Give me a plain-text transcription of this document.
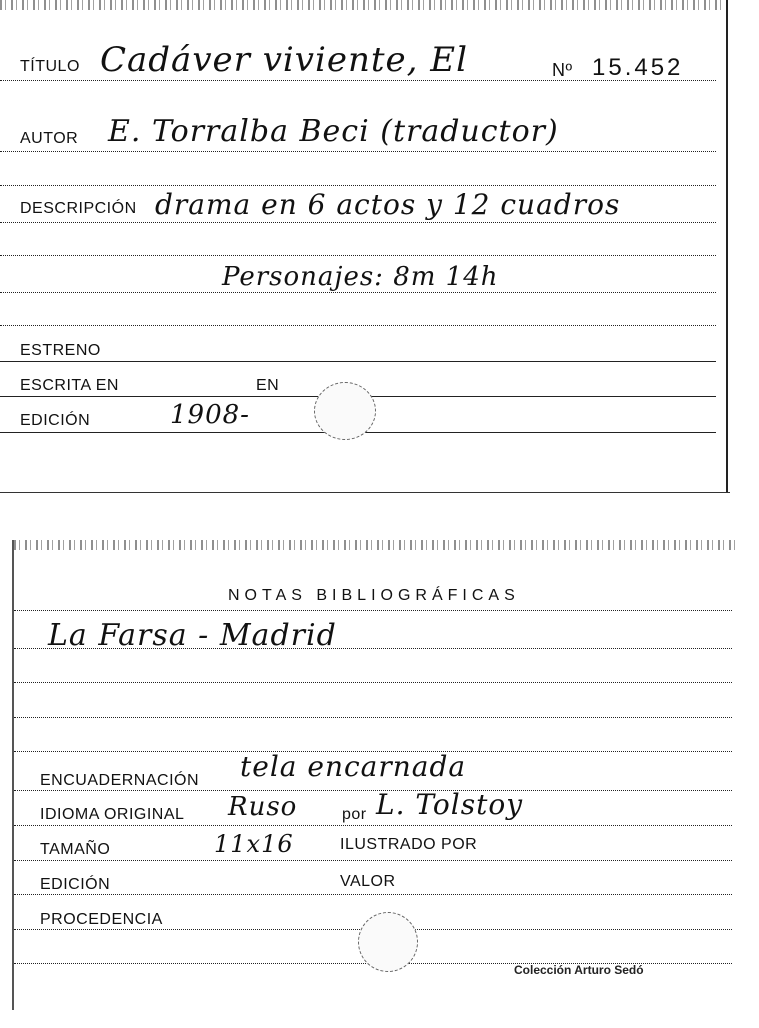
TÍTULO Cadáver viviente, El	Nº 15.452
AUTOR E. Torralba Beci (traductor)
DESCRIPCIÓN drama en 6 actos y 12 cuadros
Personajes: 8m 14h
ESTRENO
ESCRITA EN	EN
EDICIÓN	1908-
NOTAS BIBLIOGRÁFICAS
La Farsa - Madrid
ENCUADERNACIÓN tela encarnada
IDIOMA ORIGINAL Ruso	por L. Tolstoy
TAMAÑO	11x16	ILUSTRADO POR
EDICIÓN	VALOR
PROCEDENCIA
Colección Arturo Sedó
